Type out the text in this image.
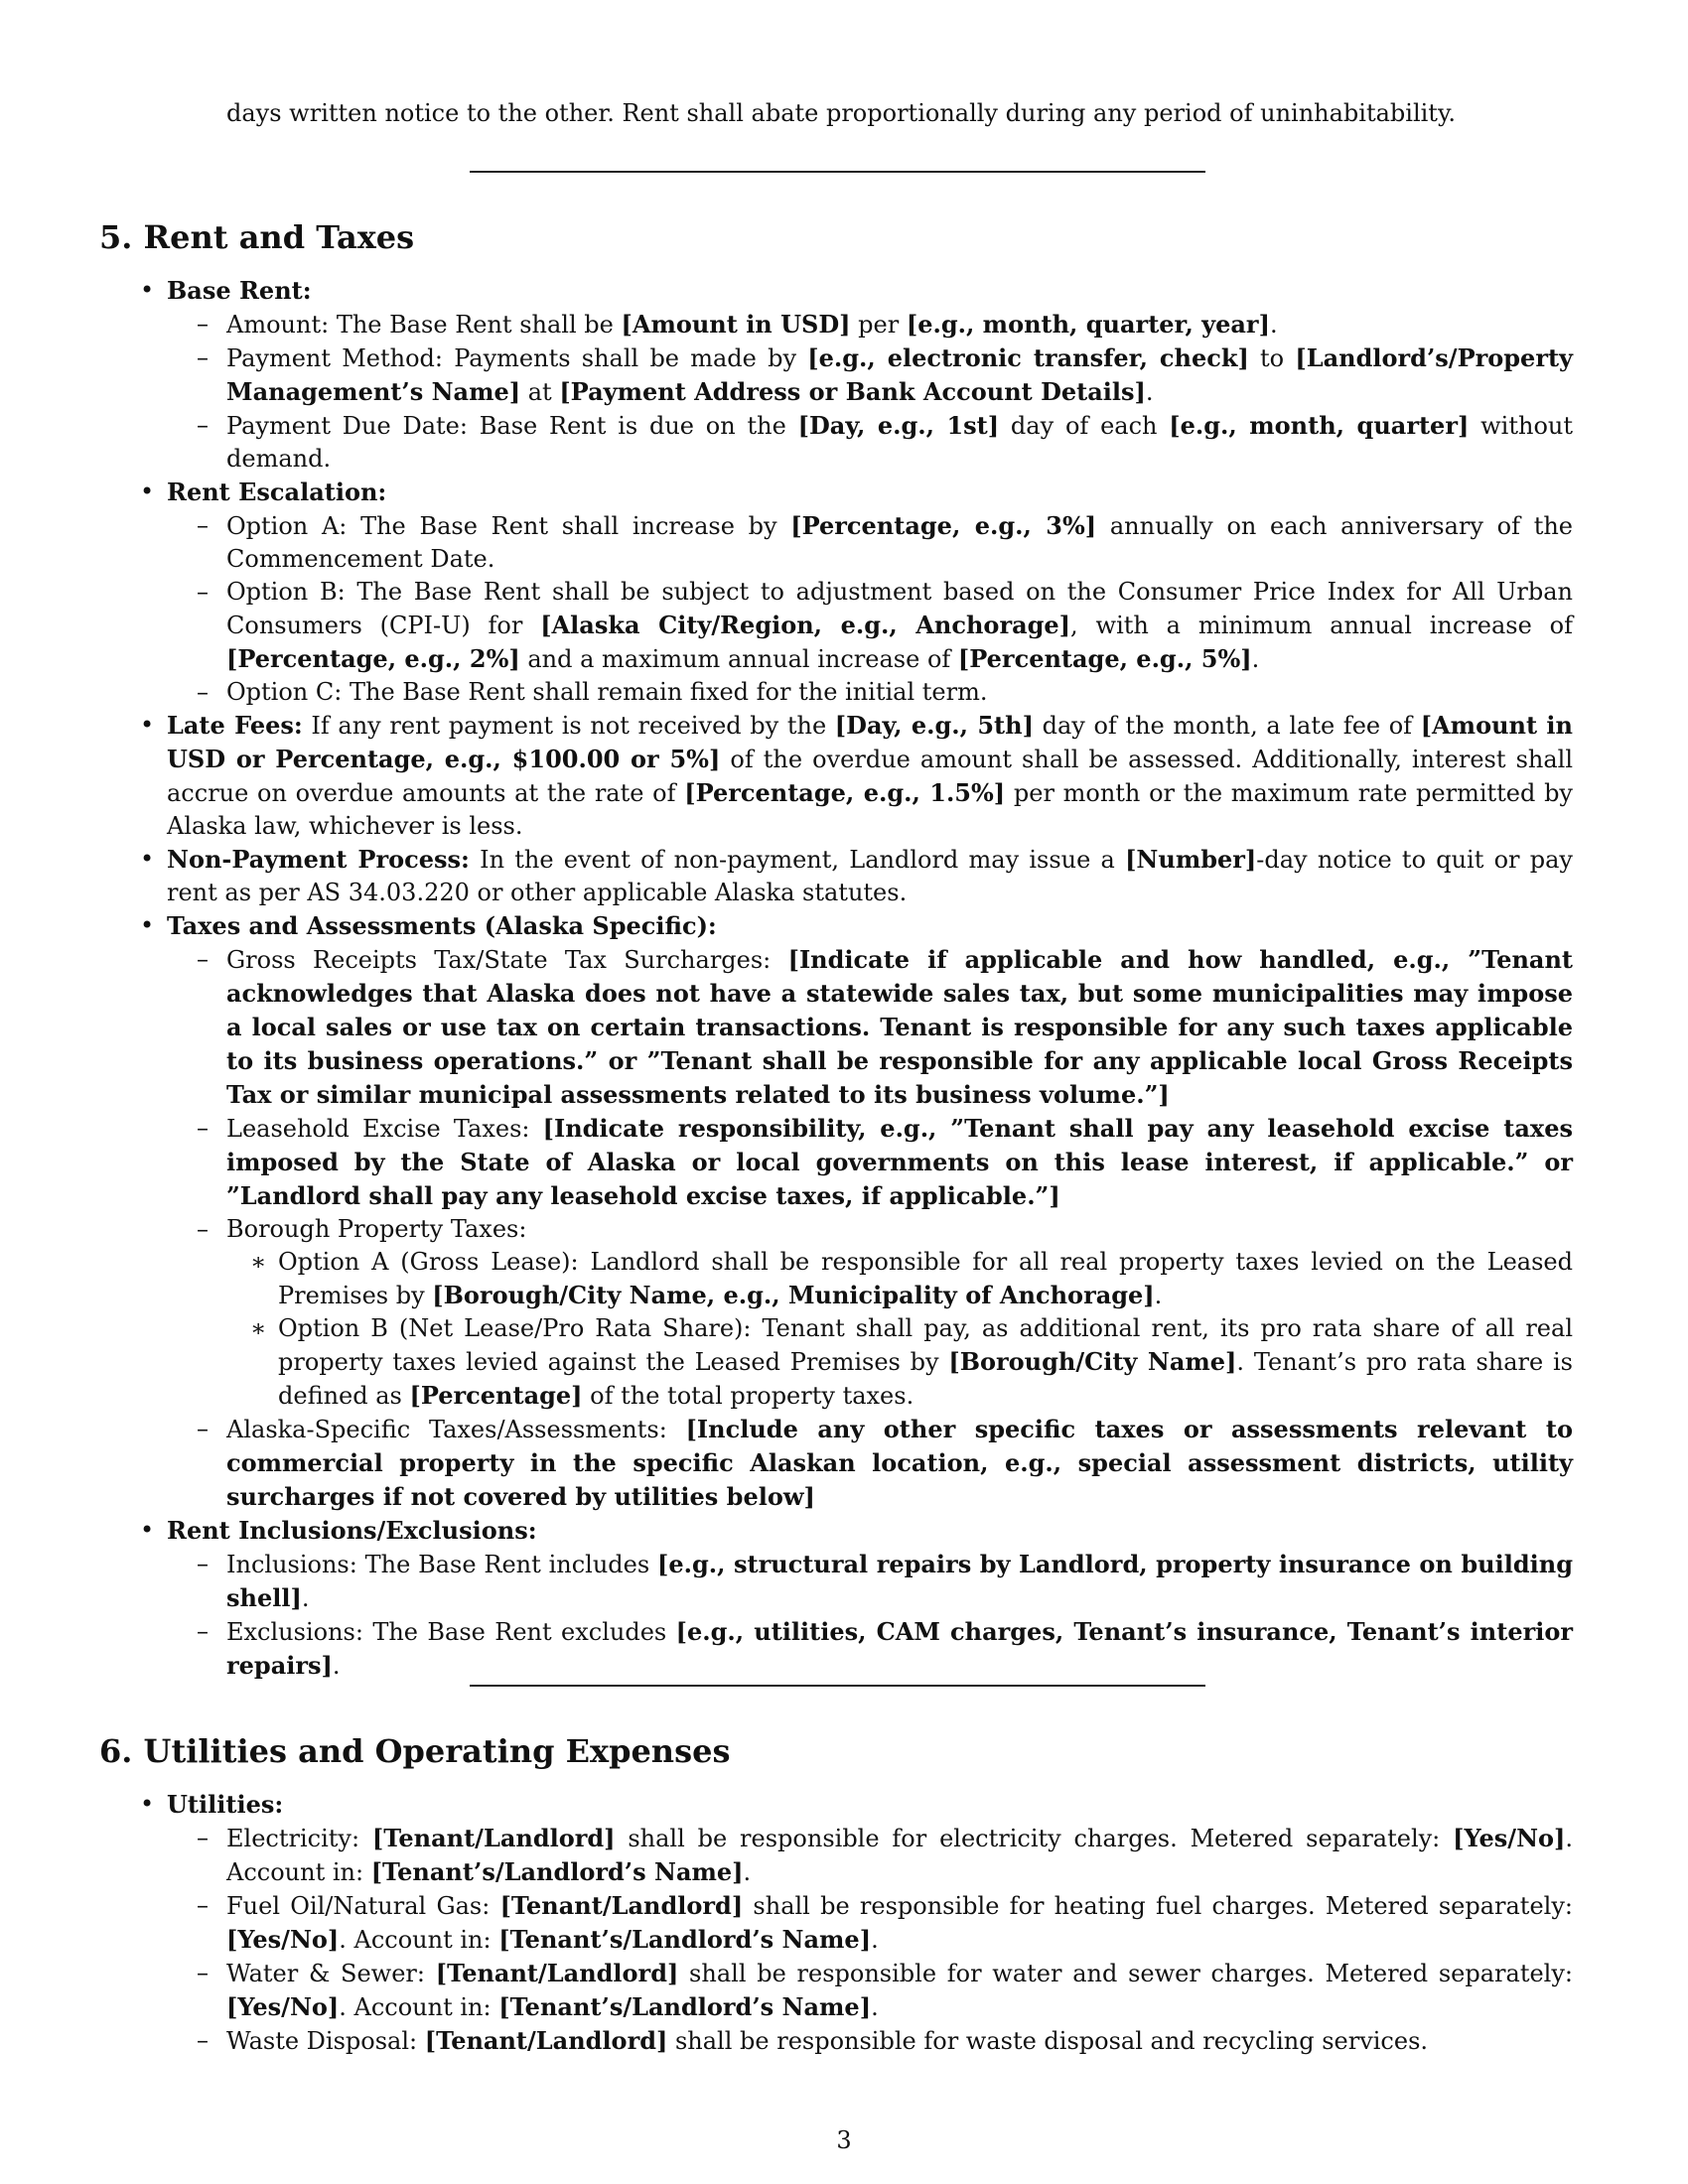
days written notice to the other. Rent shall abate proportionally during any period of uninhabitability.
5. Rent and Taxes
• Base Rent:
– Amount: The Base Rent shall be [Amount in USD] per [e.g., month, quarter, year].
– Payment Method: Payments shall be made by [e.g., electronic transfer, check] to [Landlord’s/Property Management’s Name] at [Payment Address or Bank Account Details].
– Payment Due Date: Base Rent is due on the [Day, e.g., 1st] day of each [e.g., month, quarter] without demand.
• Rent Escalation:
– Option A: The Base Rent shall increase by [Percentage, e.g., 3%] annually on each anniversary of the Commencement Date.
– Option B: The Base Rent shall be subject to adjustment based on the Consumer Price Index for All Urban Consumers (CPI-U) for [Alaska City/Region, e.g., Anchorage], with a minimum annual increase of [Percentage, e.g., 2%] and a maximum annual increase of [Percentage, e.g., 5%].
– Option C: The Base Rent shall remain fixed for the initial term.
• Late Fees: If any rent payment is not received by the [Day, e.g., 5th] day of the month, a late fee of [Amount in USD or Percentage, e.g., $100.00 or 5%] of the overdue amount shall be assessed. Additionally, interest shall accrue on overdue amounts at the rate of [Percentage, e.g., 1.5%] per month or the maximum rate permitted by Alaska law, whichever is less.
• Non-Payment Process: In the event of non-payment, Landlord may issue a [Number]-day notice to quit or pay rent as per AS 34.03.220 or other applicable Alaska statutes.
• Taxes and Assessments (Alaska Specific):
– Gross Receipts Tax/State Tax Surcharges: [Indicate if applicable and how handled, e.g., ”Tenant acknowledges that Alaska does not have a statewide sales tax, but some municipalities may impose a local sales or use tax on certain transactions. Tenant is responsible for any such taxes applicable to its business operations.” or ”Tenant shall be responsible for any applicable local Gross Receipts Tax or similar municipal assessments related to its business volume.”]
– Leasehold Excise Taxes: [Indicate responsibility, e.g., ”Tenant shall pay any leasehold excise taxes imposed by the State of Alaska or local governments on this lease interest, if applicable.” or ”Landlord shall pay any leasehold excise taxes, if applicable.”]
– Borough Property Taxes:
∗ Option A (Gross Lease): Landlord shall be responsible for all real property taxes levied on the Leased Premises by [Borough/City Name, e.g., Municipality of Anchorage].
∗ Option B (Net Lease/Pro Rata Share): Tenant shall pay, as additional rent, its pro rata share of all real property taxes levied against the Leased Premises by [Borough/City Name]. Tenant’s pro rata share is defined as [Percentage] of the total property taxes.
– Alaska-Specific Taxes/Assessments: [Include any other specific taxes or assessments relevant to commercial property in the specific Alaskan location, e.g., special assessment districts, utility surcharges if not covered by utilities below]
• Rent Inclusions/Exclusions:
– Inclusions: The Base Rent includes [e.g., structural repairs by Landlord, property insurance on building shell].
– Exclusions: The Base Rent excludes [e.g., utilities, CAM charges, Tenant’s insurance, Tenant’s interior repairs].
6. Utilities and Operating Expenses
• Utilities:
– Electricity: [Tenant/Landlord] shall be responsible for electricity charges. Metered separately: [Yes/No]. Account in: [Tenant’s/Landlord’s Name].
– Fuel Oil/Natural Gas: [Tenant/Landlord] shall be responsible for heating fuel charges. Metered separately: [Yes/No]. Account in: [Tenant’s/Landlord’s Name].
– Water & Sewer: [Tenant/Landlord] shall be responsible for water and sewer charges. Metered separately: [Yes/No]. Account in: [Tenant’s/Landlord’s Name].
– Waste Disposal: [Tenant/Landlord] shall be responsible for waste disposal and recycling services.
3
